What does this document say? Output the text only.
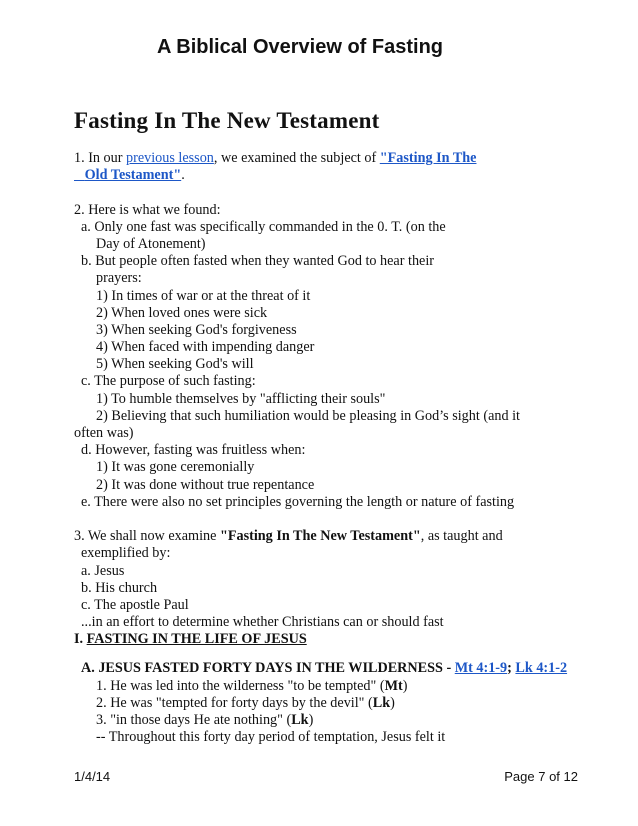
A Biblical Overview of Fasting
Fasting In The New Testament
1. In our previous lesson, we examined the subject of "Fasting In The
Old Testament".
2. Here is what we found:
a. Only one fast was specifically commanded in the 0. T. (on the
Day of Atonement)
b. But people often fasted when they wanted God to hear their
prayers:
1) In times of war or at the threat of it
2) When loved ones were sick
3) When seeking God's forgiveness
4) When faced with impending danger
5) When seeking God's will
c. The purpose of such fasting:
1) To humble themselves by "afflicting their souls"
2) Believing that such humiliation would be pleasing in God’s sight (and it
often was)
d. However, fasting was fruitless when:
1) It was gone ceremonially
2) It was done without true repentance
e. There were also no set principles governing the length or nature of fasting
3. We shall now examine "Fasting In The New Testament", as taught and
exemplified by:
a. Jesus
b. His church
c. The apostle Paul
...in an effort to determine whether Christians can or should fast
I. FASTING IN THE LIFE OF JESUS
A. JESUS FASTED FORTY DAYS IN THE WILDERNESS - Mt 4:1-9; Lk 4:1-2
1. He was led into the wilderness "to be tempted" (Mt)
2. He was "tempted for forty days by the devil" (Lk)
3. "in those days He ate nothing" (Lk)
-- Throughout this forty day period of temptation, Jesus felt it
1/4/14	Page 7 of 12
